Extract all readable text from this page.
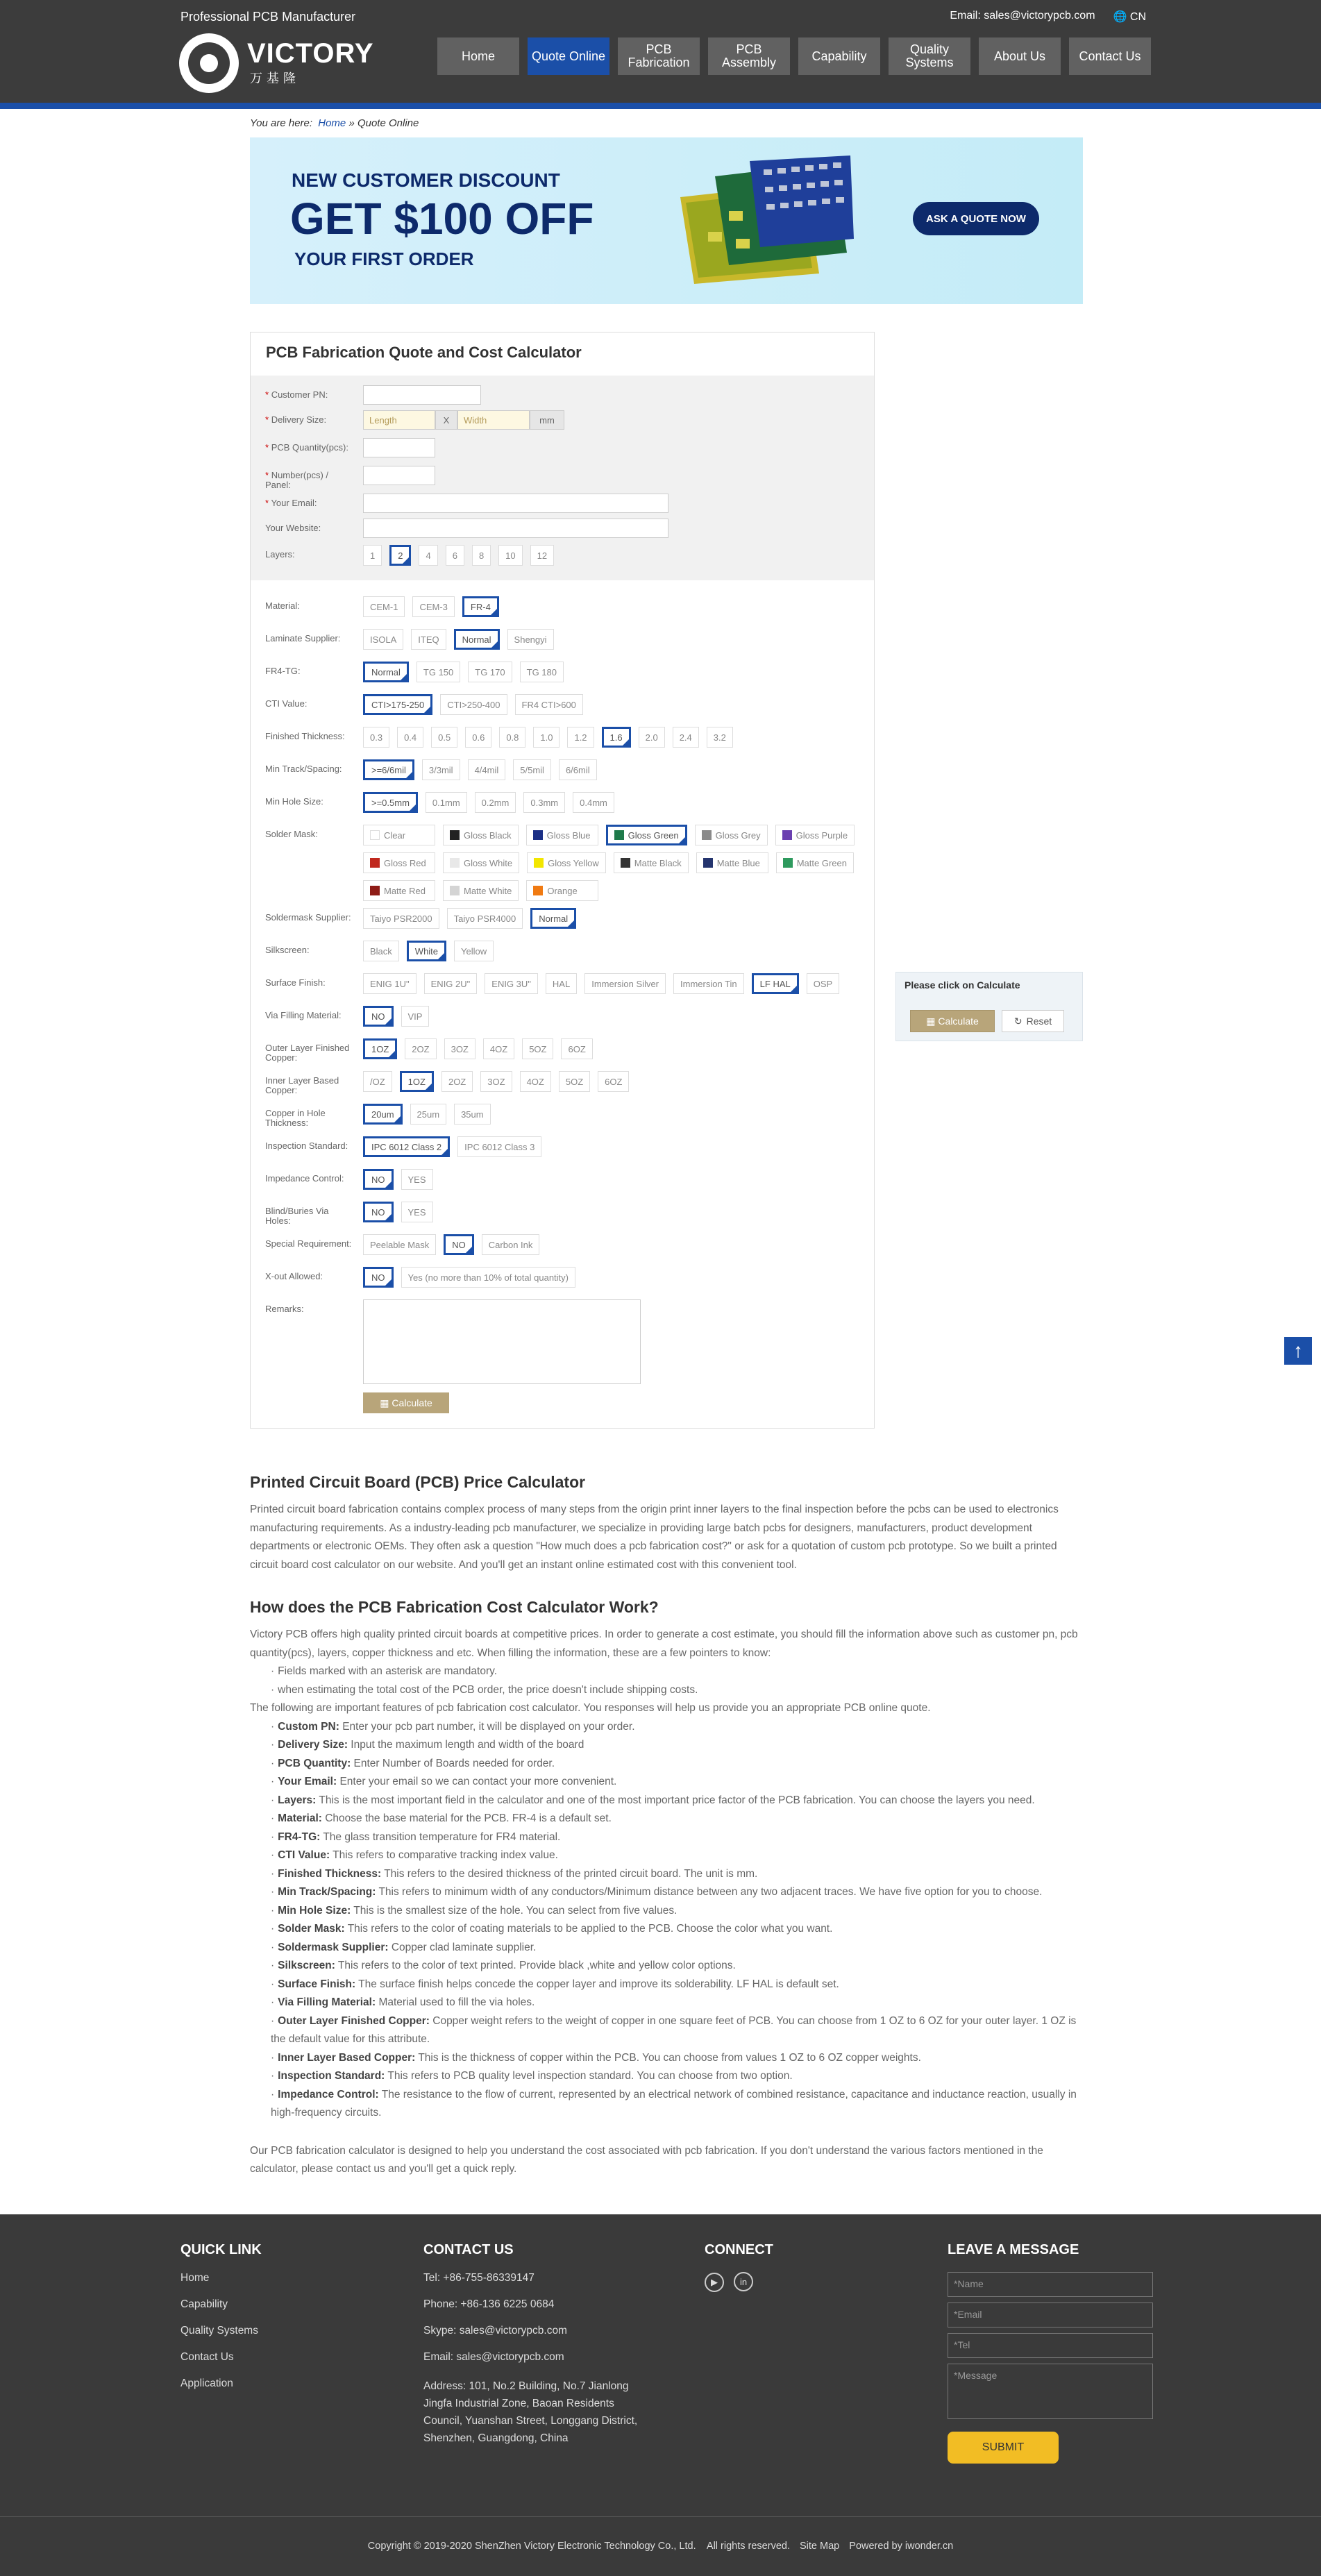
Professional PCB Manufacturer	Email: sales@victorypcb.com 🌐 CN
VICTORY
万基隆
Home	Quote Online	PCB Fabrication
PCB Assembly	Capability	Quality Systems	About Us	Contact Us
You are here: Home » Quote Online
NEW CUSTOMER DISCOUNT
GET $100 OFF
YOUR FIRST ORDER
ASK A QUOTE NOW
PCB Fabrication Quote and Cost Calculator
* Customer PN:
* Delivery Size:	Length	X	Width	mm
* PCB Quantity(pcs):
* Number(pcs) / Panel:
* Your Email:
Your Website:
Layers:	1	2	4	6	8	10	12
Material:	CEM-1	CEM-3	FR-4
Laminate Supplier:	ISOLA	ITEQ	Normal	Shengyi
FR4-TG:	Normal	TG 150	TG 170	TG 180
CTI Value:	CTI>175-250	CTI>250-400	FR4 CTI>600
Finished Thickness:	0.3	0.4	0.5	0.6	0.8	1.0	1.2	1.6	2.0	2.4	3.2
Min Track/Spacing:	>=6/6mil	3/3mil	4/4mil	5/5mil	6/6mil
Min Hole Size:	>=0.5mm	0.1mm	0.2mm	0.3mm	0.4mm
Solder Mask:	Clear	Gloss Black	Gloss Blue	Gloss Green	Gloss Grey	Gloss Purple
Gloss Red	Gloss White	Gloss Yellow	Matte Black	Matte Blue	Matte Green
Matte Red	Matte White	Orange
Soldermask Supplier:	Taiyo PSR2000	Taiyo PSR4000	Normal
Silkscreen:	Black	White	Yellow
Surface Finish:	ENIG 1U"	ENIG 2U"	ENIG 3U"	HAL	Immersion Silver	Immersion Tin	LF HAL	OSP
Via Filling Material:	NO	VIP
Outer Layer Finished Copper:
1OZ	2OZ	3OZ	4OZ	5OZ	6OZ
Inner Layer Based Copper:
/OZ	1OZ	2OZ	3OZ	4OZ	5OZ	6OZ
Copper in Hole Thickness:
20um	25um	35um
Inspection Standard:	IPC 6012 Class 2	IPC 6012 Class 3
Impedance Control:	NO	YES
Blind/Buries Via Holes:
NO	YES
Special Requirement:	Peelable Mask	NO	Carbon Ink
X-out Allowed:	NO	Yes (no more than 10% of total quantity)
Remarks:
▦ Calculate
Please click on Calculate
▦ Calculate	↻ Reset
↑
Printed Circuit Board (PCB) Price Calculator

Printed circuit board fabrication contains complex process of many steps from the origin print inner layers to the final inspection before the pcbs can be used to electronics manufacturing requirements. As a industry-leading pcb manufacturer, we specialize in providing large batch pcbs for designers, manufacturers, product development departments or electronic OEMs. They often ask a question "How much does a pcb fabrication cost?" or ask for a quotation of custom pcb prototype. So we built a printed circuit board cost calculator on our website. And you'll get an instant online estimated cost with this convenient tool.

How does the PCB Fabrication Cost Calculator Work?

Victory PCB offers high quality printed circuit boards at competitive prices. In order to generate a cost estimate, you should fill the information above such as customer pn, pcb quantity(pcs), layers, copper thickness and etc. When filling the information, these are a few pointers to know:

· Fields marked with an asterisk are mandatory.
· when estimating the total cost of the PCB order, the price doesn't include shipping costs.

The following are important features of pcb fabrication cost calculator. You responses will help us provide you an appropriate PCB online quote.

· Custom PN: Enter your pcb part number, it will be displayed on your order.
· Delivery Size: Input the maximum length and width of the board
· PCB Quantity: Enter Number of Boards needed for order.
· Your Email: Enter your email so we can contact your more convenient.
· Layers: This is the most important field in the calculator and one of the most important price factor of the PCB fabrication. You can choose the layers you need.
· Material: Choose the base material for the PCB. FR-4 is a default set.
· FR4-TG: The glass transition temperature for FR4 material.
· CTI Value: This refers to comparative tracking index value.
· Finished Thickness: This refers to the desired thickness of the printed circuit board. The unit is mm.
· Min Track/Spacing: This refers to minimum width of any conductors/Minimum distance between any two adjacent traces. We have five option for you to choose.
· Min Hole Size: This is the smallest size of the hole. You can select from five values.
· Solder Mask: This refers to the color of coating materials to be applied to the PCB. Choose the color what you want.
· Soldermask Supplier: Copper clad laminate supplier.
· Silkscreen: This refers to the color of text printed. Provide black ,white and yellow color options.
· Surface Finish: The surface finish helps concede the copper layer and improve its solderability. LF HAL is default set.
· Via Filling Material: Material used to fill the via holes.
· Outer Layer Finished Copper: Copper weight refers to the weight of copper in one square feet of PCB. You can choose from 1 OZ to 6 OZ for your outer layer. 1 OZ is the default value for this attribute.
· Inner Layer Based Copper: This is the thickness of copper within the PCB. You can choose from values 1 OZ to 6 OZ copper weights.
· Inspection Standard: This refers to PCB quality level inspection standard. You can choose from two option.
· Impedance Control: The resistance to the flow of current, represented by an electrical network of combined resistance, capacitance and inductance reaction, usually in high-frequency circuits.

Our PCB fabrication calculator is designed to help you understand the cost associated with pcb fabrication. If you don't understand the various factors mentioned in the calculator, please contact us and you'll get a quick reply.

QUICK LINK
Home
Capability
Quality Systems
Contact Us
Application
CONTACT US
Tel: +86-755-86339147
Phone: +86-136 6225 0684
Skype: sales@victorypcb.com
Email: sales@victorypcb.com
Address: 101, No.2 Building, No.7 Jianlong Jingfa Industrial Zone, Baoan Residents Council, Yuanshan Street, Longgang District, Shenzhen, Guangdong, China
CONNECT
▶ in
LEAVE A MESSAGE
*Name
*Email
*Tel
*Message
SUBMIT
Copyright © 2019-2020 ShenZhen Victory Electronic Technology Co., Ltd.    All rights reserved. Site Map Powered by iwonder.cn
